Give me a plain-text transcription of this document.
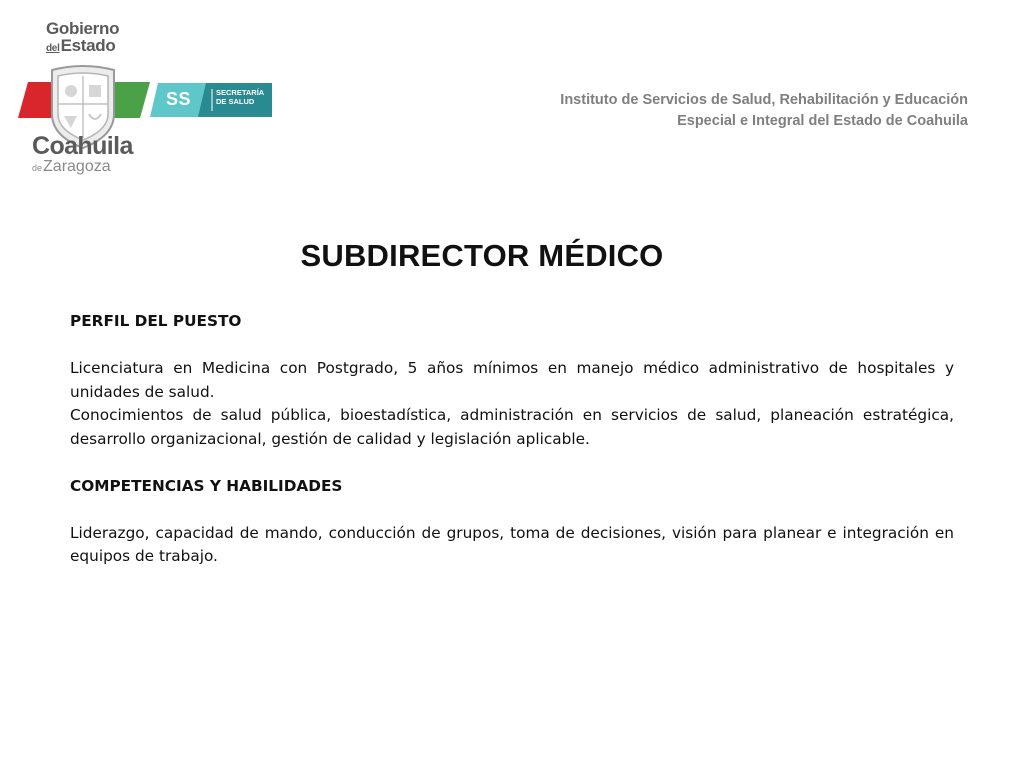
Gobierno
delEstado
Coahuila
deZaragoza
SS	SECRETARÍA
DE SALUD	Instituto de Servicios de Salud, Rehabilitación y Educación
Especial e Integral del Estado de Coahuila
SUBDIRECTOR MÉDICO

PERFIL DEL PUESTO

Licenciatura en Medicina con Postgrado, 5 años mínimos en manejo médico administrativo de hospitales y unidades de salud.

Conocimientos de salud pública, bioestadística, administración en servicios de salud, planeación estratégica, desarrollo organizacional, gestión de calidad y legislación aplicable.

COMPETENCIAS Y HABILIDADES

Liderazgo, capacidad de mando, conducción de grupos, toma de decisiones, visión para planear e integración en equipos de trabajo.
